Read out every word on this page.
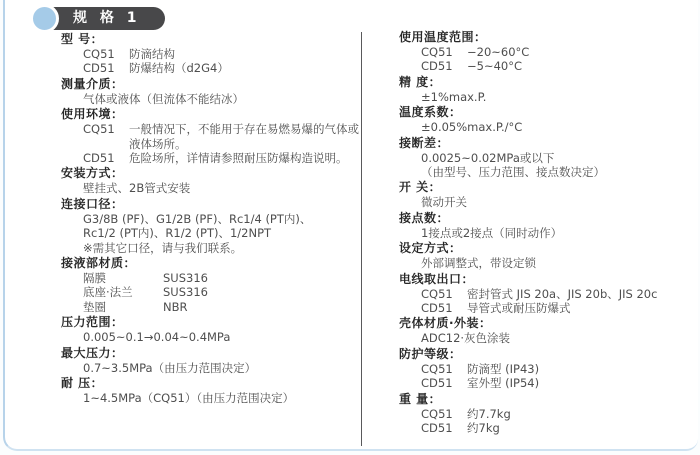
规 格 1
型 号：
CQ51	防滴结构
CD51	防爆结构（d2G4）
测量介质：
气体或液体（但流体不能结冰）
使用环境：
CQ51	一般情况下，不能用于存在易燃易爆的气体或液体场所。
CD51	危险场所，详情请参照耐压防爆构造说明。
安装方式：
壁挂式、2B管式安装
连接口径：
G3/8B (PF)、G1/2B (PF)、Rc1/4 (PT内)、
Rc1/2 (PT内)、R1/2 (PT)、1/2NPT
※需其它口径，请与我们联系。
接液部材质：
隔膜	SUS316
底座·法兰	SUS316
垫圈	NBR
压力范围：
0.005~0.1→0.04~0.4MPa
最大压力：
0.7~3.5MPa（由压力范围决定）
耐 压：
1~4.5MPa（CQ51）（由压力范围决定）
使用温度范围：
CQ51	−20~60°C
CD51	−5~40°C
精 度：
±1%max.P.
温度系数：
±0.05%max.P./°C
接断差：
0.0025~0.02MPa或以下
（由型号、压力范围、接点数决定）
开 关：
微动开关
接点数：
1接点或2接点（同时动作）
设定方式：
外部调整式，带设定锁
电线取出口：
CQ51	密封管式 JIS 20a、JIS 20b、JIS 20c
CD51	导管式或耐压防爆式
壳体材质·外装：
ADC12·灰色涂装
防护等级：
CQ51	防滴型 (IP43)
CD51	室外型 (IP54)
重 量：
CQ51	约7.7kg
CD51	约7kg
